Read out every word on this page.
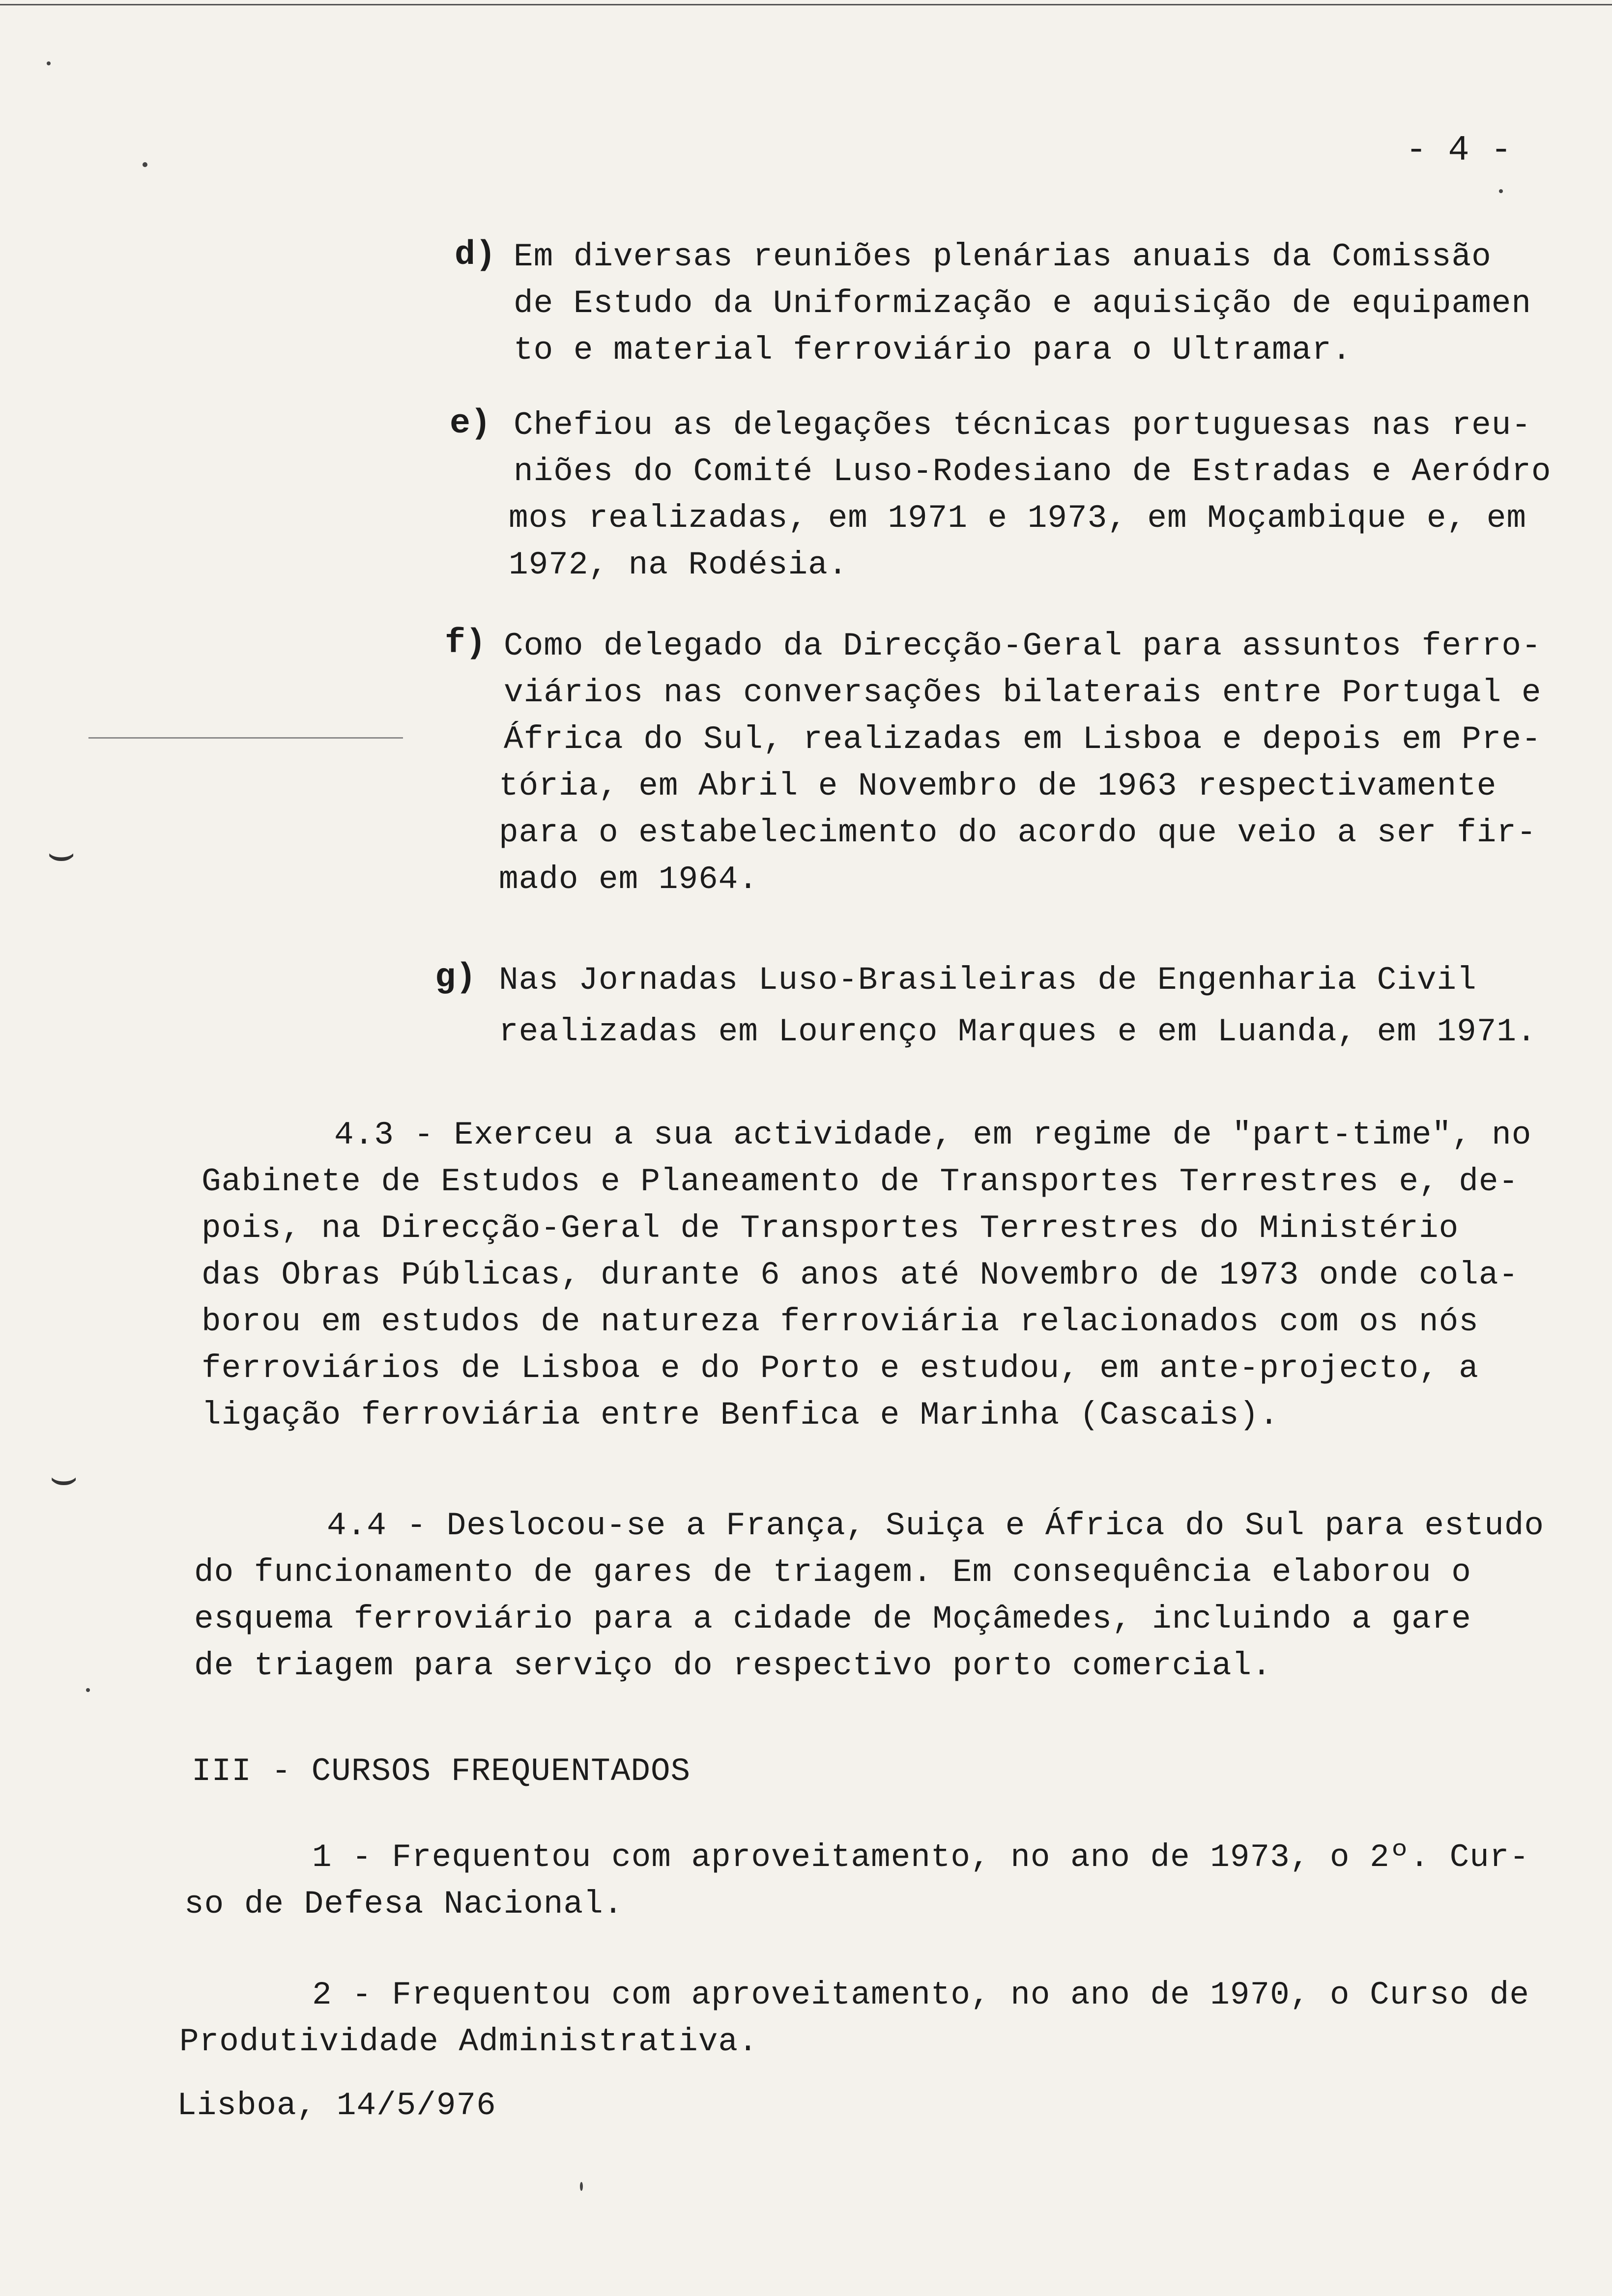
⌣
⌣
- 4 -
d) Em diversas reuniões plenárias anuais da Comissão
de Estudo da Uniformização e aquisição de equipamen
to e material ferroviário para o Ultramar.
e) Chefiou as delegações técnicas portuguesas nas reu-
niões do Comité Luso-Rodesiano de Estradas e Aeródro
mos realizadas, em 1971 e 1973, em Moçambique e, em
1972, na Rodésia.
f) Como delegado da Direcção-Geral para assuntos ferro-
viários nas conversações bilaterais entre Portugal e
África do Sul, realizadas em Lisboa e depois em Pre-
tória, em Abril e Novembro de 1963 respectivamente
para o estabelecimento do acordo que veio a ser fir-
mado em 1964.
g) Nas Jornadas Luso-Brasileiras de Engenharia Civil
realizadas em Lourenço Marques e em Luanda, em 1971.
4.3 - Exerceu a sua actividade, em regime de "part-time", no
Gabinete de Estudos e Planeamento de Transportes Terrestres e, de-
pois, na Direcção-Geral de Transportes Terrestres do Ministério
das Obras Públicas, durante 6 anos até Novembro de 1973 onde cola-
borou em estudos de natureza ferroviária relacionados com os nós
ferroviários de Lisboa e do Porto e estudou, em ante-projecto, a
ligação ferroviária entre Benfica e Marinha (Cascais).
4.4 - Deslocou-se a França, Suiça e África do Sul para estudo
do funcionamento de gares de triagem. Em consequência elaborou o
esquema ferroviário para a cidade de Moçâmedes, incluindo a gare
de triagem para serviço do respectivo porto comercial.
III - CURSOS FREQUENTADOS
1 - Frequentou com aproveitamento, no ano de 1973, o 2º. Cur-
so de Defesa Nacional.
2 - Frequentou com aproveitamento, no ano de 1970, o Curso de
Produtividade Administrativa.
Lisboa, 14/5/976
